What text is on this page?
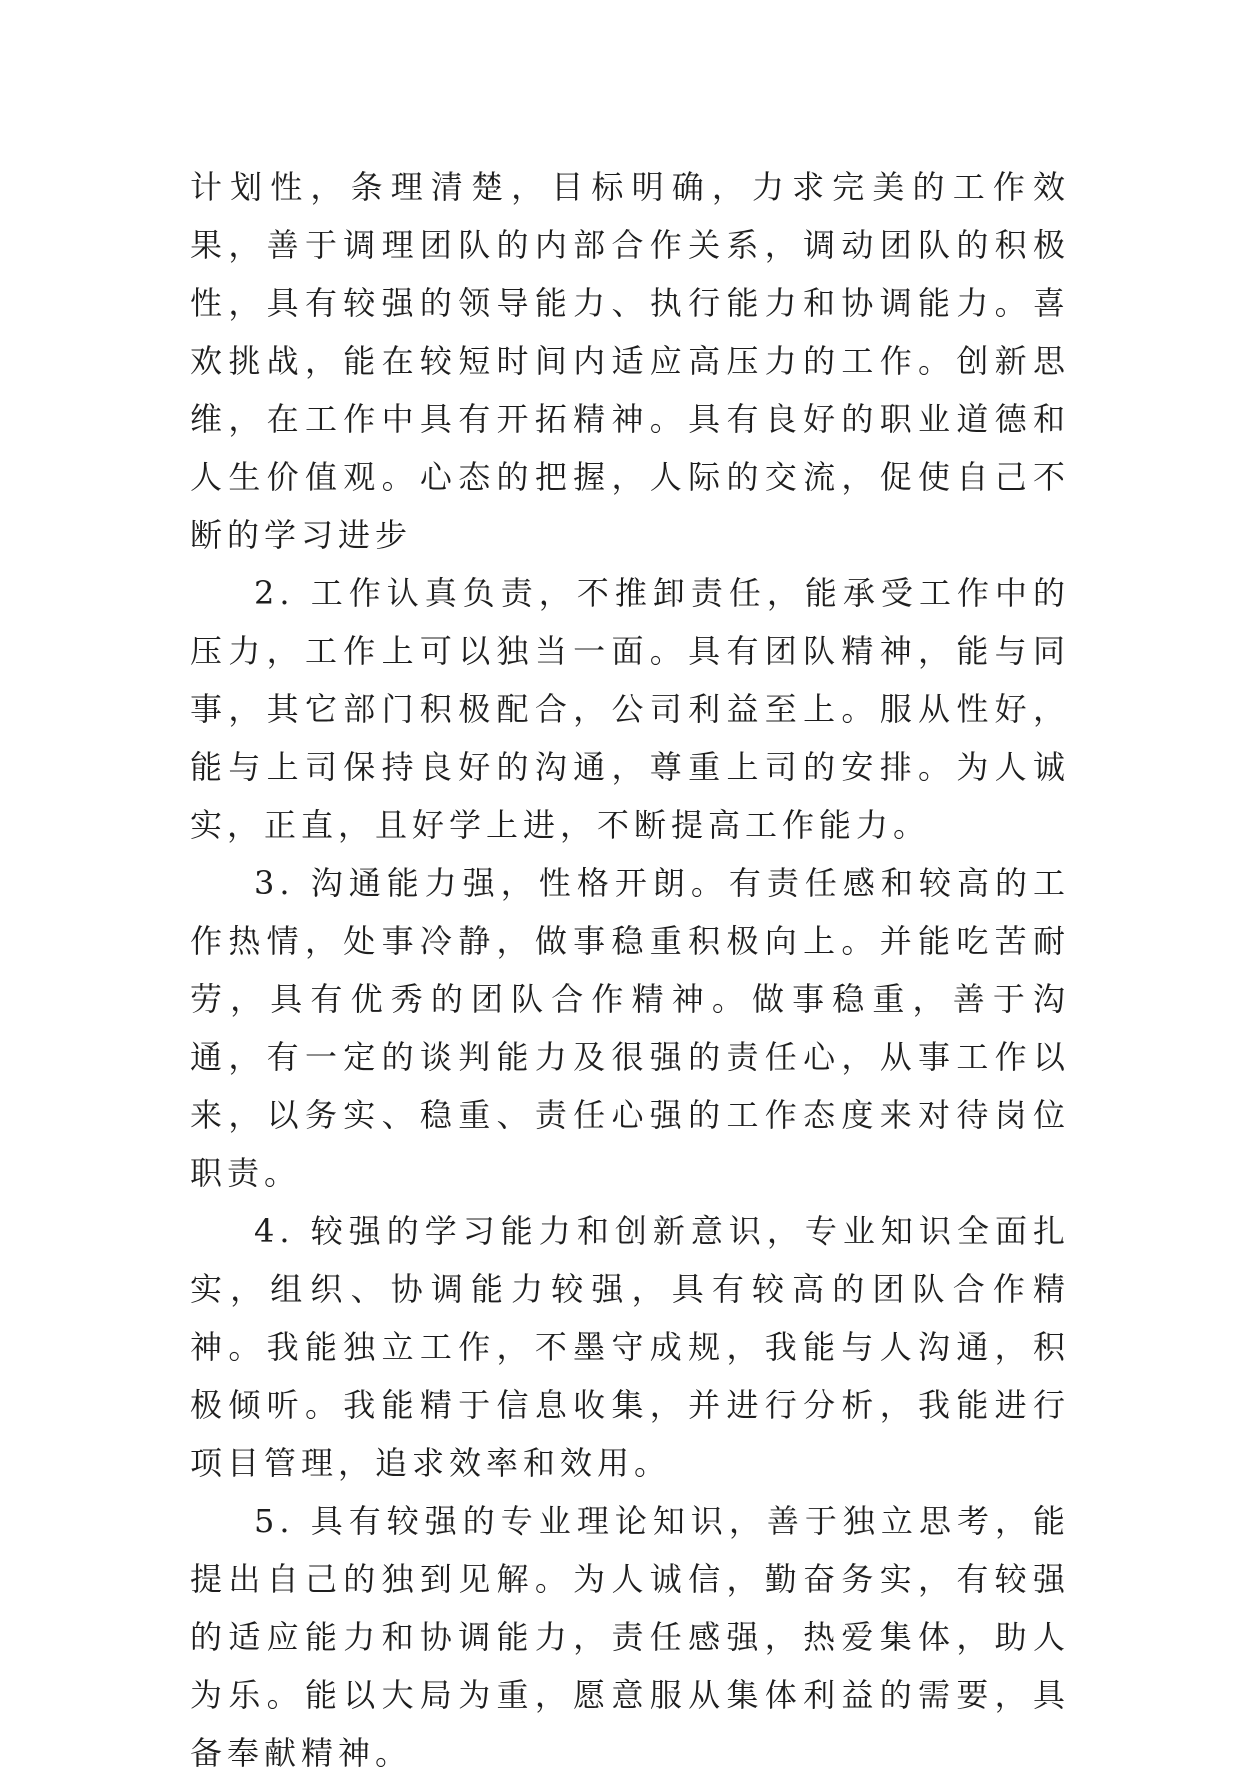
计划性，条理清楚，目标明确，力求完美的工作效果，善于调理团队的内部合作关系，调动团队的积极性，具有较强的领导能力、执行能力和协调能力。喜欢挑战，能在较短时间内适应高压力的工作。创新思维，在工作中具有开拓精神。具有良好的职业道德和人生价值观。心态的把握，人际的交流，促使自己不断的学习进步

2. 工作认真负责，不推卸责任，能承受工作中的压力，工作上可以独当一面。具有团队精神，能与同事，其它部门积极配合，公司利益至上。服从性好，能与上司保持良好的沟通，尊重上司的安排。为人诚实，正直，且好学上进，不断提高工作能力。

3. 沟通能力强，性格开朗。有责任感和较高的工作热情，处事冷静，做事稳重积极向上。并能吃苦耐劳，具有优秀的团队合作精神。做事稳重，善于沟通，有一定的谈判能力及很强的责任心，从事工作以来，以务实、稳重、责任心强的工作态度来对待岗位职责。

4. 较强的学习能力和创新意识，专业知识全面扎实，组织、协调能力较强，具有较高的团队合作精神。我能独立工作，不墨守成规，我能与人沟通，积极倾听。我能精于信息收集，并进行分析，我能进行项目管理，追求效率和效用。

5. 具有较强的专业理论知识，善于独立思考，能提出自己的独到见解。为人诚信，勤奋务实，有较强的适应能力和协调能力，责任感强，热爱集体，助人为乐。能以大局为重，愿意服从集体利益的需要，具备奉献精神。
